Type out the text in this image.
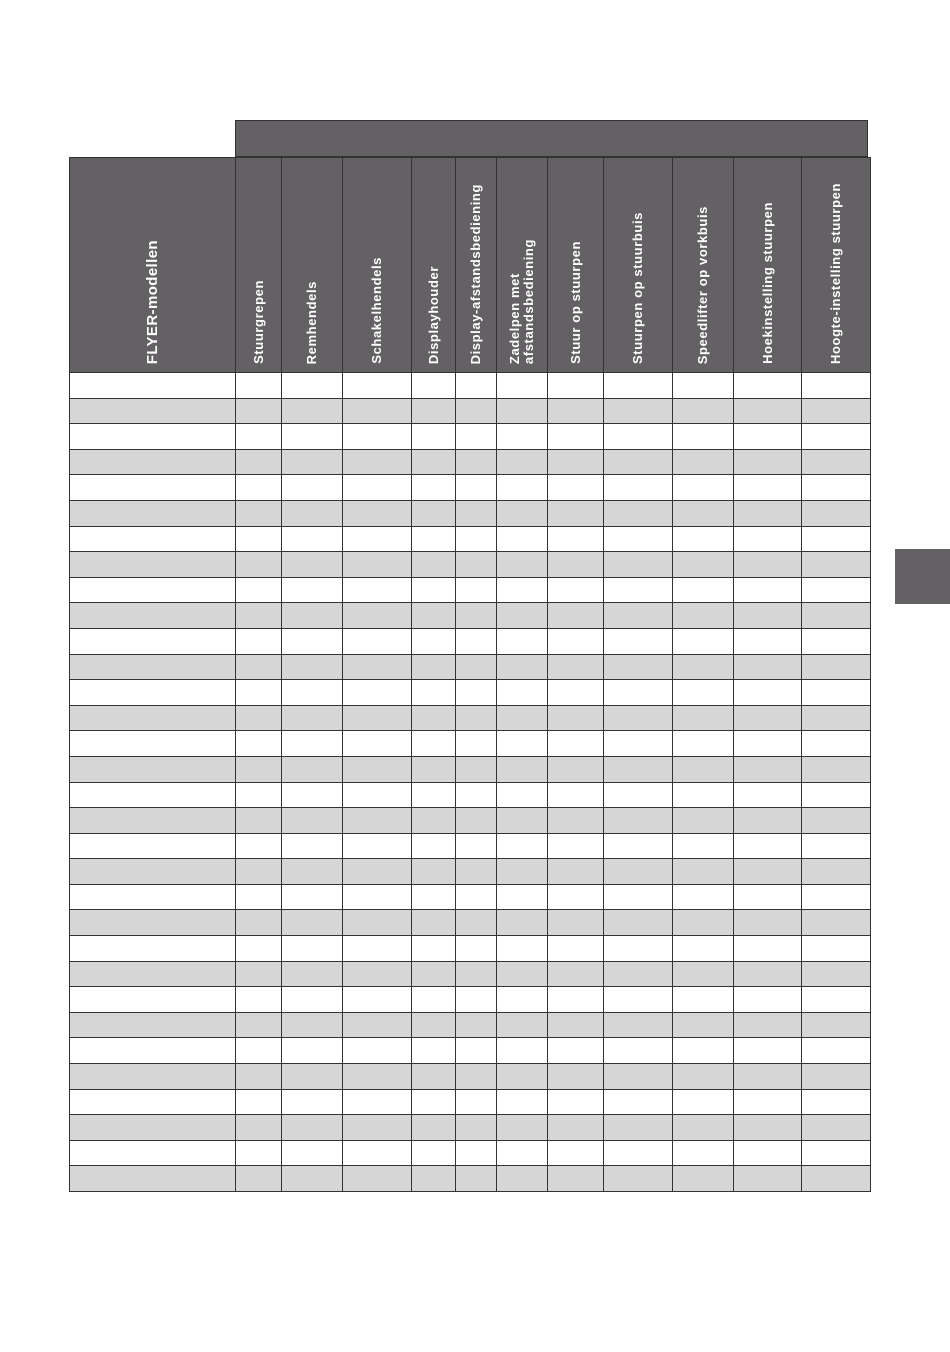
FLYER-modellen	Stuurgrepen	Remhendels	Schakelhendels	Displayhouder	Display-afstandsbediening	Zadelpen met
afstandsbediening	Stuur op stuurpen	Stuurpen op stuurbuis	Speedlifter op vorkbuis	Hoekinstelling stuurpen	Hoogte-instelling stuurpen
